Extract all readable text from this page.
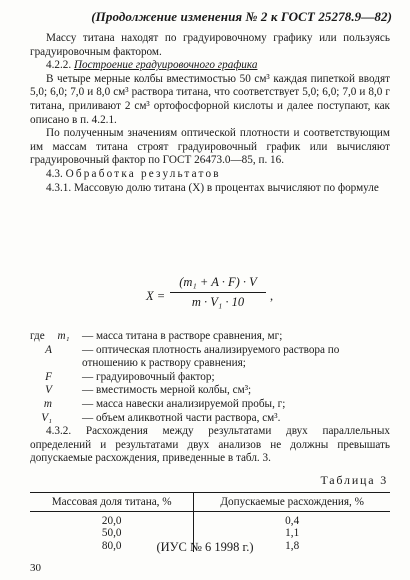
(Продолжение изменения № 2 к ГОСТ 25278.9—82)

Массу титана находят по градуировочному графику или пользуясь градуировочным фактором.

4.2.2. Построение градуировочного графика

В четыре мерные колбы вместимостью 50 см³ каждая пипеткой вводят 5,0; 6,0; 7,0 и 8,0 см³ раствора титана, что соответствует 5,0; 6,0; 7,0 и 8,0 г титана, приливают 2 см³ ортофосфорной кислоты и далее поступают, как описано в п. 4.2.1.

По полученным значениям оптической плотности и соответствующим им массам титана строят градуировочный график или вычисляют градуировочный фактор по ГОСТ 26473.0—85, п. 16.

4.3. Обработка результатов

4.3.1. Массовую долю титана (X) в процентах вычисляют по формуле

X =
(m₁ + A · F) · V
m · V₁ · 10	,
где m₁	— масса титана в растворе сравнения, мг;
A	— оптическая плотность анализируемого раствора по отношению к раствору сравнения;
F	— градуировочный фактор;
V	— вместимость мерной колбы, см³;
m	— масса навески анализируемой пробы, г;
V₁	— объем аликвотной части раствора, см³.

4.3.2. Расхождения между результатами двух параллельных определений и результатами двух анализов не должны превышать допускаемые расхождения, приведенные в табл. 3.

Таблица 3
Массовая доля титана, %	Допускаемые расхождения, %
20,0	0,4
50,0	1,1
80,0	1,8
(ИУС № 6 1998 г.)
30
